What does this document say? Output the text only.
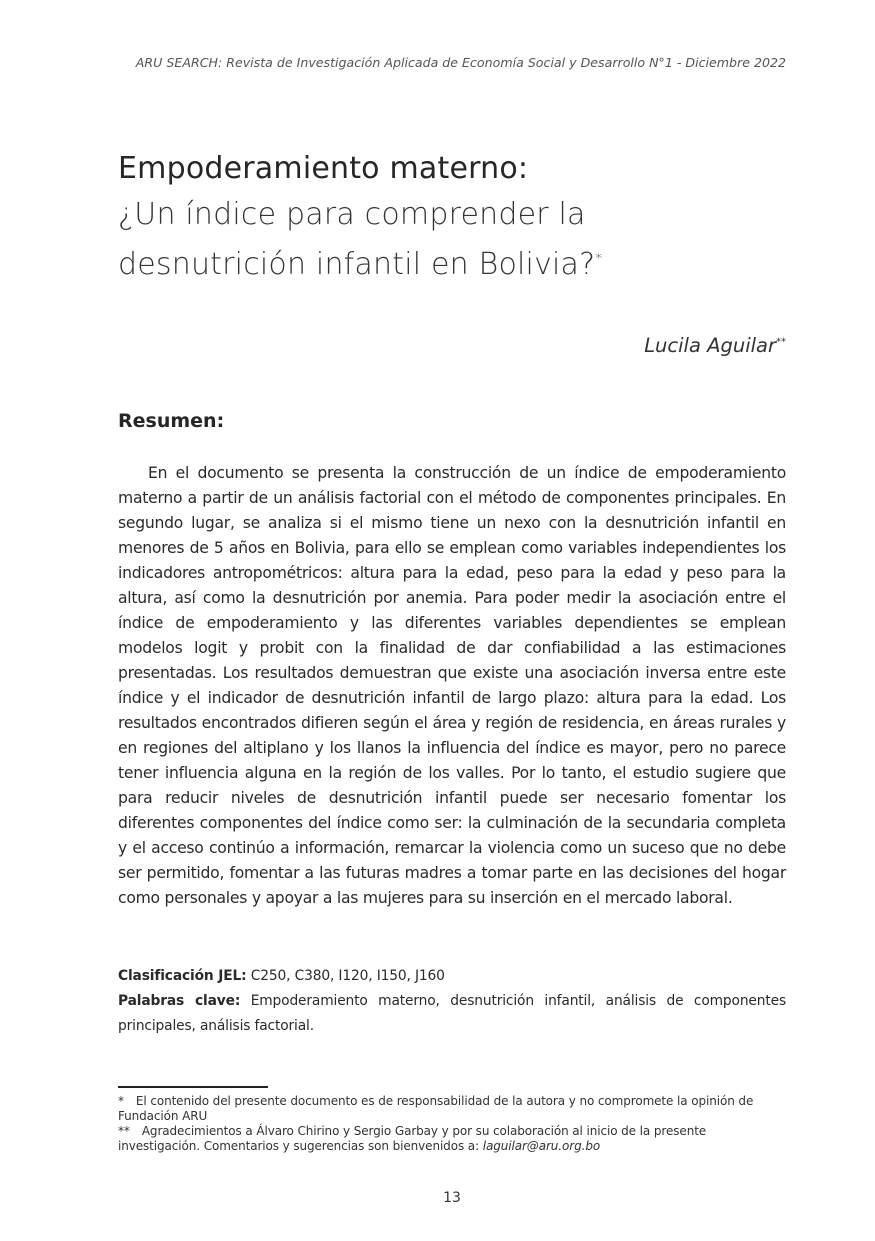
ARU SEARCH: Revista de Investigación Aplicada de Economía Social y Desarrollo N°1 - Diciembre 2022
Empoderamiento materno:
¿Un índice para comprender la
desnutrición infantil en Bolivia?*
Lucila Aguilar**
Resumen:

En el documento se presenta la construcción de un índice de empoderamiento materno a partir de un análisis factorial con el método de componentes principales. En segundo lugar, se analiza si el mismo tiene un nexo con la desnutrición infantil en menores de 5 años en Bolivia, para ello se emplean como variables independientes los indicadores antropométricos: altura para la edad, peso para la edad y peso para la altura, así como la desnutrición por anemia. Para poder medir la asociación entre el índice de empoderamiento y las diferentes variables dependientes se emplean modelos logit y probit con la finalidad de dar confiabilidad a las estimaciones presentadas. Los resultados demuestran que existe una asociación inversa entre este índice y el indicador de desnutrición infantil de largo plazo: altura para la edad. Los resultados encontrados difieren según el área y región de residencia, en áreas rurales y en regiones del altiplano y los llanos la influencia del índice es mayor, pero no parece tener influencia alguna en la región de los valles. Por lo tanto, el estudio sugiere que para reducir niveles de desnutrición infantil puede ser necesario fomentar los diferentes componentes del índice como ser: la culminación de la secundaria completa y el acceso continúo a información, remarcar la violencia como un suceso que no debe ser permitido, fomentar a las futuras madres a tomar parte en las decisiones del hogar como personales y apoyar a las mujeres para su inserción en el mercado laboral.

Clasificación JEL: C250, C380, I120, I150, J160

Palabras clave: Empoderamiento materno, desnutrición infantil, análisis de componentes principales, análisis factorial.

* El contenido del presente documento es de responsabilidad de la autora y no compromete la opinión de Fundación ARU

** Agradecimientos a Álvaro Chirino y Sergio Garbay y por su colaboración al inicio de la presente investigación. Comentarios y sugerencias son bienvenidos a: laguilar@aru.org.bo

13
